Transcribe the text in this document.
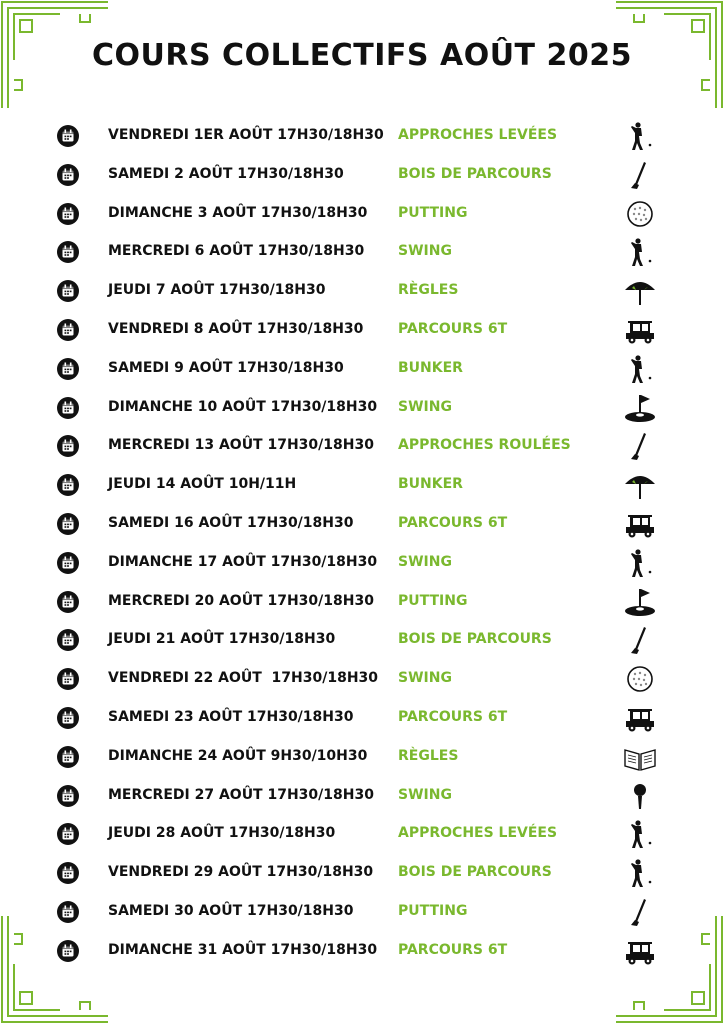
COURS COLLECTIFS AOÛT 2025
VENDREDI 1ER AOÛT 17H30/18H30 APPROCHES LEVÉES
SAMEDI 2 AOÛT 17H30/18H30	BOIS DE PARCOURS
DIMANCHE 3 AOÛT 17H30/18H30 PUTTING
MERCREDI 6 AOÛT 17H30/18H30 SWING
JEUDI 7 AOÛT 17H30/18H30	RÈGLES
VENDREDI 8 AOÛT 17H30/18H30 PARCOURS 6T
SAMEDI 9 AOÛT 17H30/18H30	BUNKER
DIMANCHE 10 AOÛT 17H30/18H30 SWING
MERCREDI 13 AOÛT 17H30/18H30 APPROCHES ROULÉES
JEUDI 14 AOÛT 10H/11H	BUNKER
SAMEDI 16 AOÛT 17H30/18H30	PARCOURS 6T
DIMANCHE 17 AOÛT 17H30/18H30 SWING
MERCREDI 20 AOÛT 17H30/18H30 PUTTING
JEUDI 21 AOÛT 17H30/18H30	BOIS DE PARCOURS
VENDREDI 22 AOÛT  17H30/18H30 SWING
SAMEDI 23 AOÛT 17H30/18H30	PARCOURS 6T
DIMANCHE 24 AOÛT 9H30/10H30 RÈGLES
MERCREDI 27 AOÛT 17H30/18H30 SWING
JEUDI 28 AOÛT 17H30/18H30	APPROCHES LEVÉES
VENDREDI 29 AOÛT 17H30/18H30 BOIS DE PARCOURS
SAMEDI 30 AOÛT 17H30/18H30	PUTTING
DIMANCHE 31 AOÛT 17H30/18H30 PARCOURS 6T
